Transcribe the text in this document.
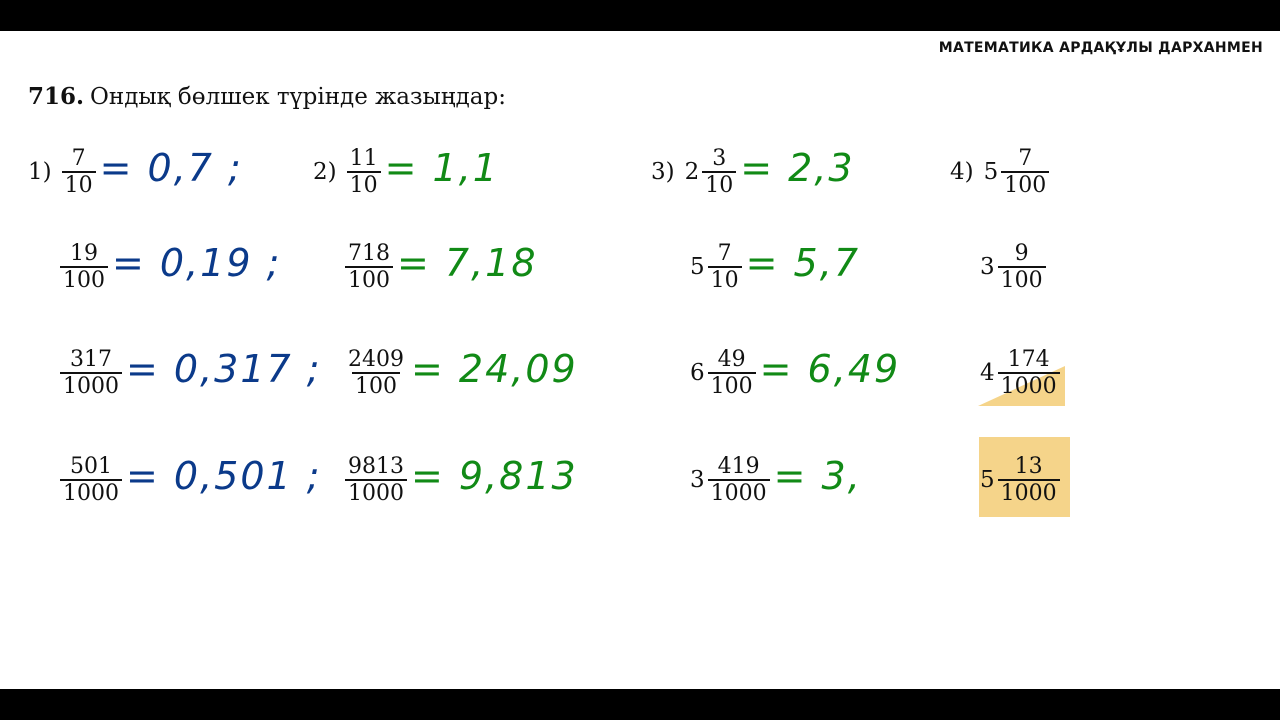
МАТЕМАТИКА АРДАҚҰЛЫ ДАРХАНМЕН
716. Ондық бөлшек түрінде жазыңдар:
$1) \frac{7}{10} = 0,7$ ;	$2) \frac{11}{10} = 1,1$	3) $2 \frac{3}{10} = 2,3$	4) $5 \frac{7}{100}$
$\frac{19}{100} = 0,19$ ;	$\frac{718}{100} = 7,18$	$5 \frac{7}{10} = 5,7$	$3 \frac{9}{100}$
$\frac{317}{1000} = 0,317$ ; $\frac{2409}{100} = 24,09$	$6 \frac{49}{100} = 6,49$	$4 \frac{174}{1000}$
$\frac{501}{1000} = 0,501$ ; $\frac{9813}{1000} = 9,813$	$3 \frac{419}{1000} = 3$,	$5 \frac{13}{1000}$
